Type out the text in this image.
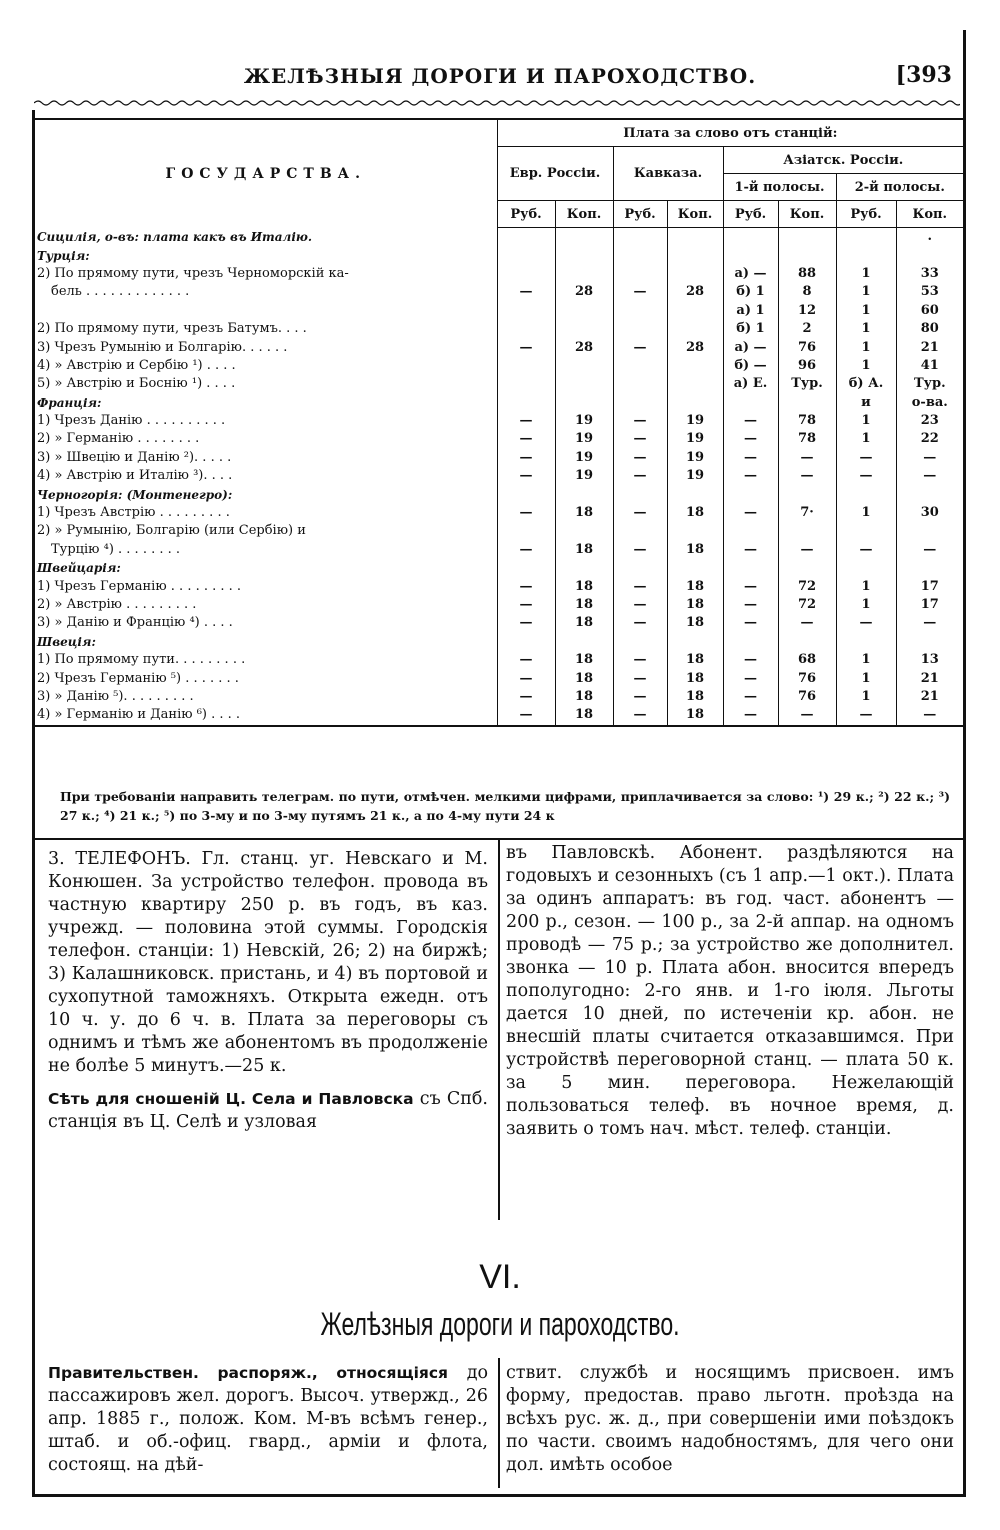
ЖЕЛѢЗНЫЯ ДОРОГИ И ПАРОХОДСТВО.	[393
ГОСУДАРСТВА.	Плата за слово отъ станцій:							
	Евр. Россіи.		Кавказа.		Азіатск. Россіи.			
					1-й полосы.		2-й полосы.	
	Руб.	Коп.	Руб.	Коп.	Руб.	Коп.	Руб.	Коп.
Сицилія, о-въ: плата какъ въ Италію.								.
Турція:								
2) По прямому пути, чрезъ Черноморскій ка-					а) —	88	1	33
бель . . . . . . . . . . . . .	—	28	—	28	б) 1	8	1	53
					а) 1	12	1	60
2) По прямому пути, чрезъ Батумъ. . . .					б) 1	2	1	80
3) Чрезъ Румынію и Болгарію. . . . . .	—	28	—	28	а) —	76	1	21
4) » Австрію и Сербію ¹) . . . .					б) —	96	1	41
5) » Австрію и Боснію ¹) . . . .					а) Е.	Тур.	б) А.	Тур.
Франція:							и	о-ва.
1) Чрезъ Данію . . . . . . . . . .	—	19	—	19	—	78	1	23
2) » Германію . . . . . . . .	—	19	—	19	—	78	1	22
3) » Швецію и Данію ²). . . . .	—	19	—	19	—	—	—	—
4) » Австрію и Италію ³). . . .	—	19	—	19	—	—	—	—
Черногорія: (Монтенегро):								
1) Чрезъ Австрію . . . . . . . . .	—	18	—	18	—	7·	1	30
2) » Румынію, Болгарію (или Сербію) и								
Турцію ⁴) . . . . . . . .	—	18	—	18	—	—	—	—
Швейцарія:								
1) Чрезъ Германію . . . . . . . . .	—	18	—	18	—	72	1	17
2) » Австрію . . . . . . . . .	—	18	—	18	—	72	1	17
3) » Данію и Францію ⁴) . . . .	—	18	—	18	—	—	—	—
Швеція:								
1) По прямому пути. . . . . . . . .	—	18	—	18	—	68	1	13
2) Чрезъ Германію ⁵) . . . . . . .	—	18	—	18	—	76	1	21
3) » Данію ⁵). . . . . . . . .	—	18	—	18	—	76	1	21
4) » Германію и Данію ⁶) . . . .	—	18	—	18	—	—	—	—
При требованіи направить телеграм. по пути, отмѣчен. мелкими цифрами, приплачивается за слово: ¹) 29 к.; ²) 22 к.; ³) 27 к.; ⁴) 21 к.; ⁵) по 3-му и по 3-му путямъ 21 к., а по 4-му пути 24 к

3. ТЕЛЕФОНЪ. Гл. станц. уг. Невскаго и М. Конюшен. За устройство телефон. провода въ частную квартиру 250 р. въ годъ, въ каз. учрежд. — половина этой суммы. Городскія телефон. станціи: 1) Невскій, 26; 2) на биржѣ; 3) Калашниковск. пристань, и 4) въ портовой и сухопутной таможняхъ. Открыта ежедн. отъ 10 ч. у. до 6 ч. в. Плата за переговоры съ однимъ и тѣмъ же абонентомъ въ продолженіе не болѣе 5 минутъ.—25 к.

Сѣть для сношеній Ц. Села и Павловска съ Спб. станція въ Ц. Селѣ и узловая

въ Павловскѣ. Абонент. раздѣляются на годовыхъ и сезонныхъ (съ 1 апр.—1 окт.). Плата за одинъ аппаратъ: въ год. част. абонентъ — 200 р., сезон. — 100 р., за 2-й аппар. на одномъ проводѣ — 75 р.; за устройство же дополнител. звонка — 10 р. Плата абон. вносится впередъ пополугодно: 2-го янв. и 1-го іюля. Льготы дается 10 дней, по истеченіи кр. абон. не внесшій платы считается отказавшимся. При устройствѣ переговорной станц. — плата 50 к. за 5 мин. переговора. Нежелающій пользоваться телеф. въ ночное время, д. заявить о томъ нач. мѣст. телеф. станціи.

VI.
Желѣзныя дороги и пароходство.

Правительствен. распоряж., относящіяся до пассажировъ жел. дорогъ. Высоч. утвержд., 26 апр. 1885 г., полож. Ком. М-въ всѣмъ генер., штаб. и об.-офиц. гвард., арміи и флота, состоящ. на дѣй-

ствит. службѣ и носящимъ присвоен. имъ форму, предостав. право льготн. проѣзда на всѣхъ рус. ж. д., при совершеніи ими поѣздокъ по части. своимъ надобностямъ, для чего они дол. имѣть особое
